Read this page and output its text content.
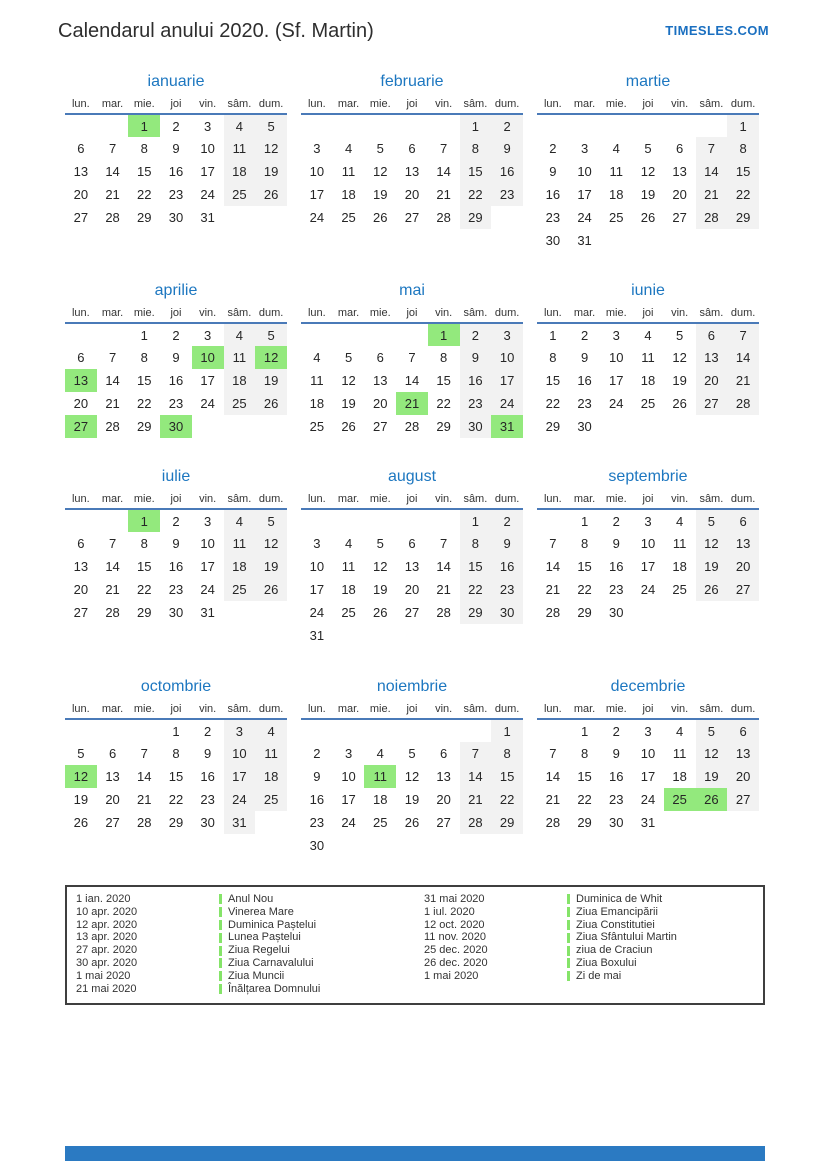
Calendarul anului 2020. (Sf. Martin)	TIMESLES.COM
ianuarie
lun.	mar.	mie.	joi	vin.	sâm.	dum.
		1	2	3	4	5
6	7	8	9	10	11	12
13	14	15	16	17	18	19
20	21	22	23	24	25	26
27	28	29	30	31		
februarie
lun.	mar.	mie.	joi	vin.	sâm.	dum.
					1	2
3	4	5	6	7	8	9
10	11	12	13	14	15	16
17	18	19	20	21	22	23
24	25	26	27	28	29	
martie
lun.	mar.	mie.	joi	vin.	sâm.	dum.
						1
2	3	4	5	6	7	8
9	10	11	12	13	14	15
16	17	18	19	20	21	22
23	24	25	26	27	28	29
30	31					
aprilie
lun.	mar.	mie.	joi	vin.	sâm.	dum.
		1	2	3	4	5
6	7	8	9	10	11	12
13	14	15	16	17	18	19
20	21	22	23	24	25	26
27	28	29	30			
mai
lun.	mar.	mie.	joi	vin.	sâm.	dum.
				1	2	3
4	5	6	7	8	9	10
11	12	13	14	15	16	17
18	19	20	21	22	23	24
25	26	27	28	29	30	31
iunie
lun.	mar.	mie.	joi	vin.	sâm.	dum.
1	2	3	4	5	6	7
8	9	10	11	12	13	14
15	16	17	18	19	20	21
22	23	24	25	26	27	28
29	30					
iulie
lun.	mar.	mie.	joi	vin.	sâm.	dum.
		1	2	3	4	5
6	7	8	9	10	11	12
13	14	15	16	17	18	19
20	21	22	23	24	25	26
27	28	29	30	31		
august
lun.	mar.	mie.	joi	vin.	sâm.	dum.
					1	2
3	4	5	6	7	8	9
10	11	12	13	14	15	16
17	18	19	20	21	22	23
24	25	26	27	28	29	30
31						
septembrie
lun.	mar.	mie.	joi	vin.	sâm.	dum.
	1	2	3	4	5	6
7	8	9	10	11	12	13
14	15	16	17	18	19	20
21	22	23	24	25	26	27
28	29	30				
octombrie
lun.	mar.	mie.	joi	vin.	sâm.	dum.
			1	2	3	4
5	6	7	8	9	10	11
12	13	14	15	16	17	18
19	20	21	22	23	24	25
26	27	28	29	30	31	
noiembrie
lun.	mar.	mie.	joi	vin.	sâm.	dum.
						1
2	3	4	5	6	7	8
9	10	11	12	13	14	15
16	17	18	19	20	21	22
23	24	25	26	27	28	29
30						
decembrie
lun.	mar.	mie.	joi	vin.	sâm.	dum.
	1	2	3	4	5	6
7	8	9	10	11	12	13
14	15	16	17	18	19	20
21	22	23	24	25	26	27
28	29	30	31			
1 ian. 2020	Anul Nou
10 apr. 2020	Vinerea Mare
12 apr. 2020	Duminica Paștelui
13 apr. 2020	Lunea Paștelui
27 apr. 2020	Ziua Regelui
30 apr. 2020	Ziua Carnavalului
1 mai 2020	Ziua Muncii
21 mai 2020	Înălțarea Domnului
31 mai 2020	Duminica de Whit
1 iul. 2020	Ziua Emancipării
12 oct. 2020	Ziua Constitutiei
11 nov. 2020	Ziua Sfântului Martin
25 dec. 2020	ziua de Craciun
26 dec. 2020	Ziua Boxului
1 mai 2020	Zi de mai
